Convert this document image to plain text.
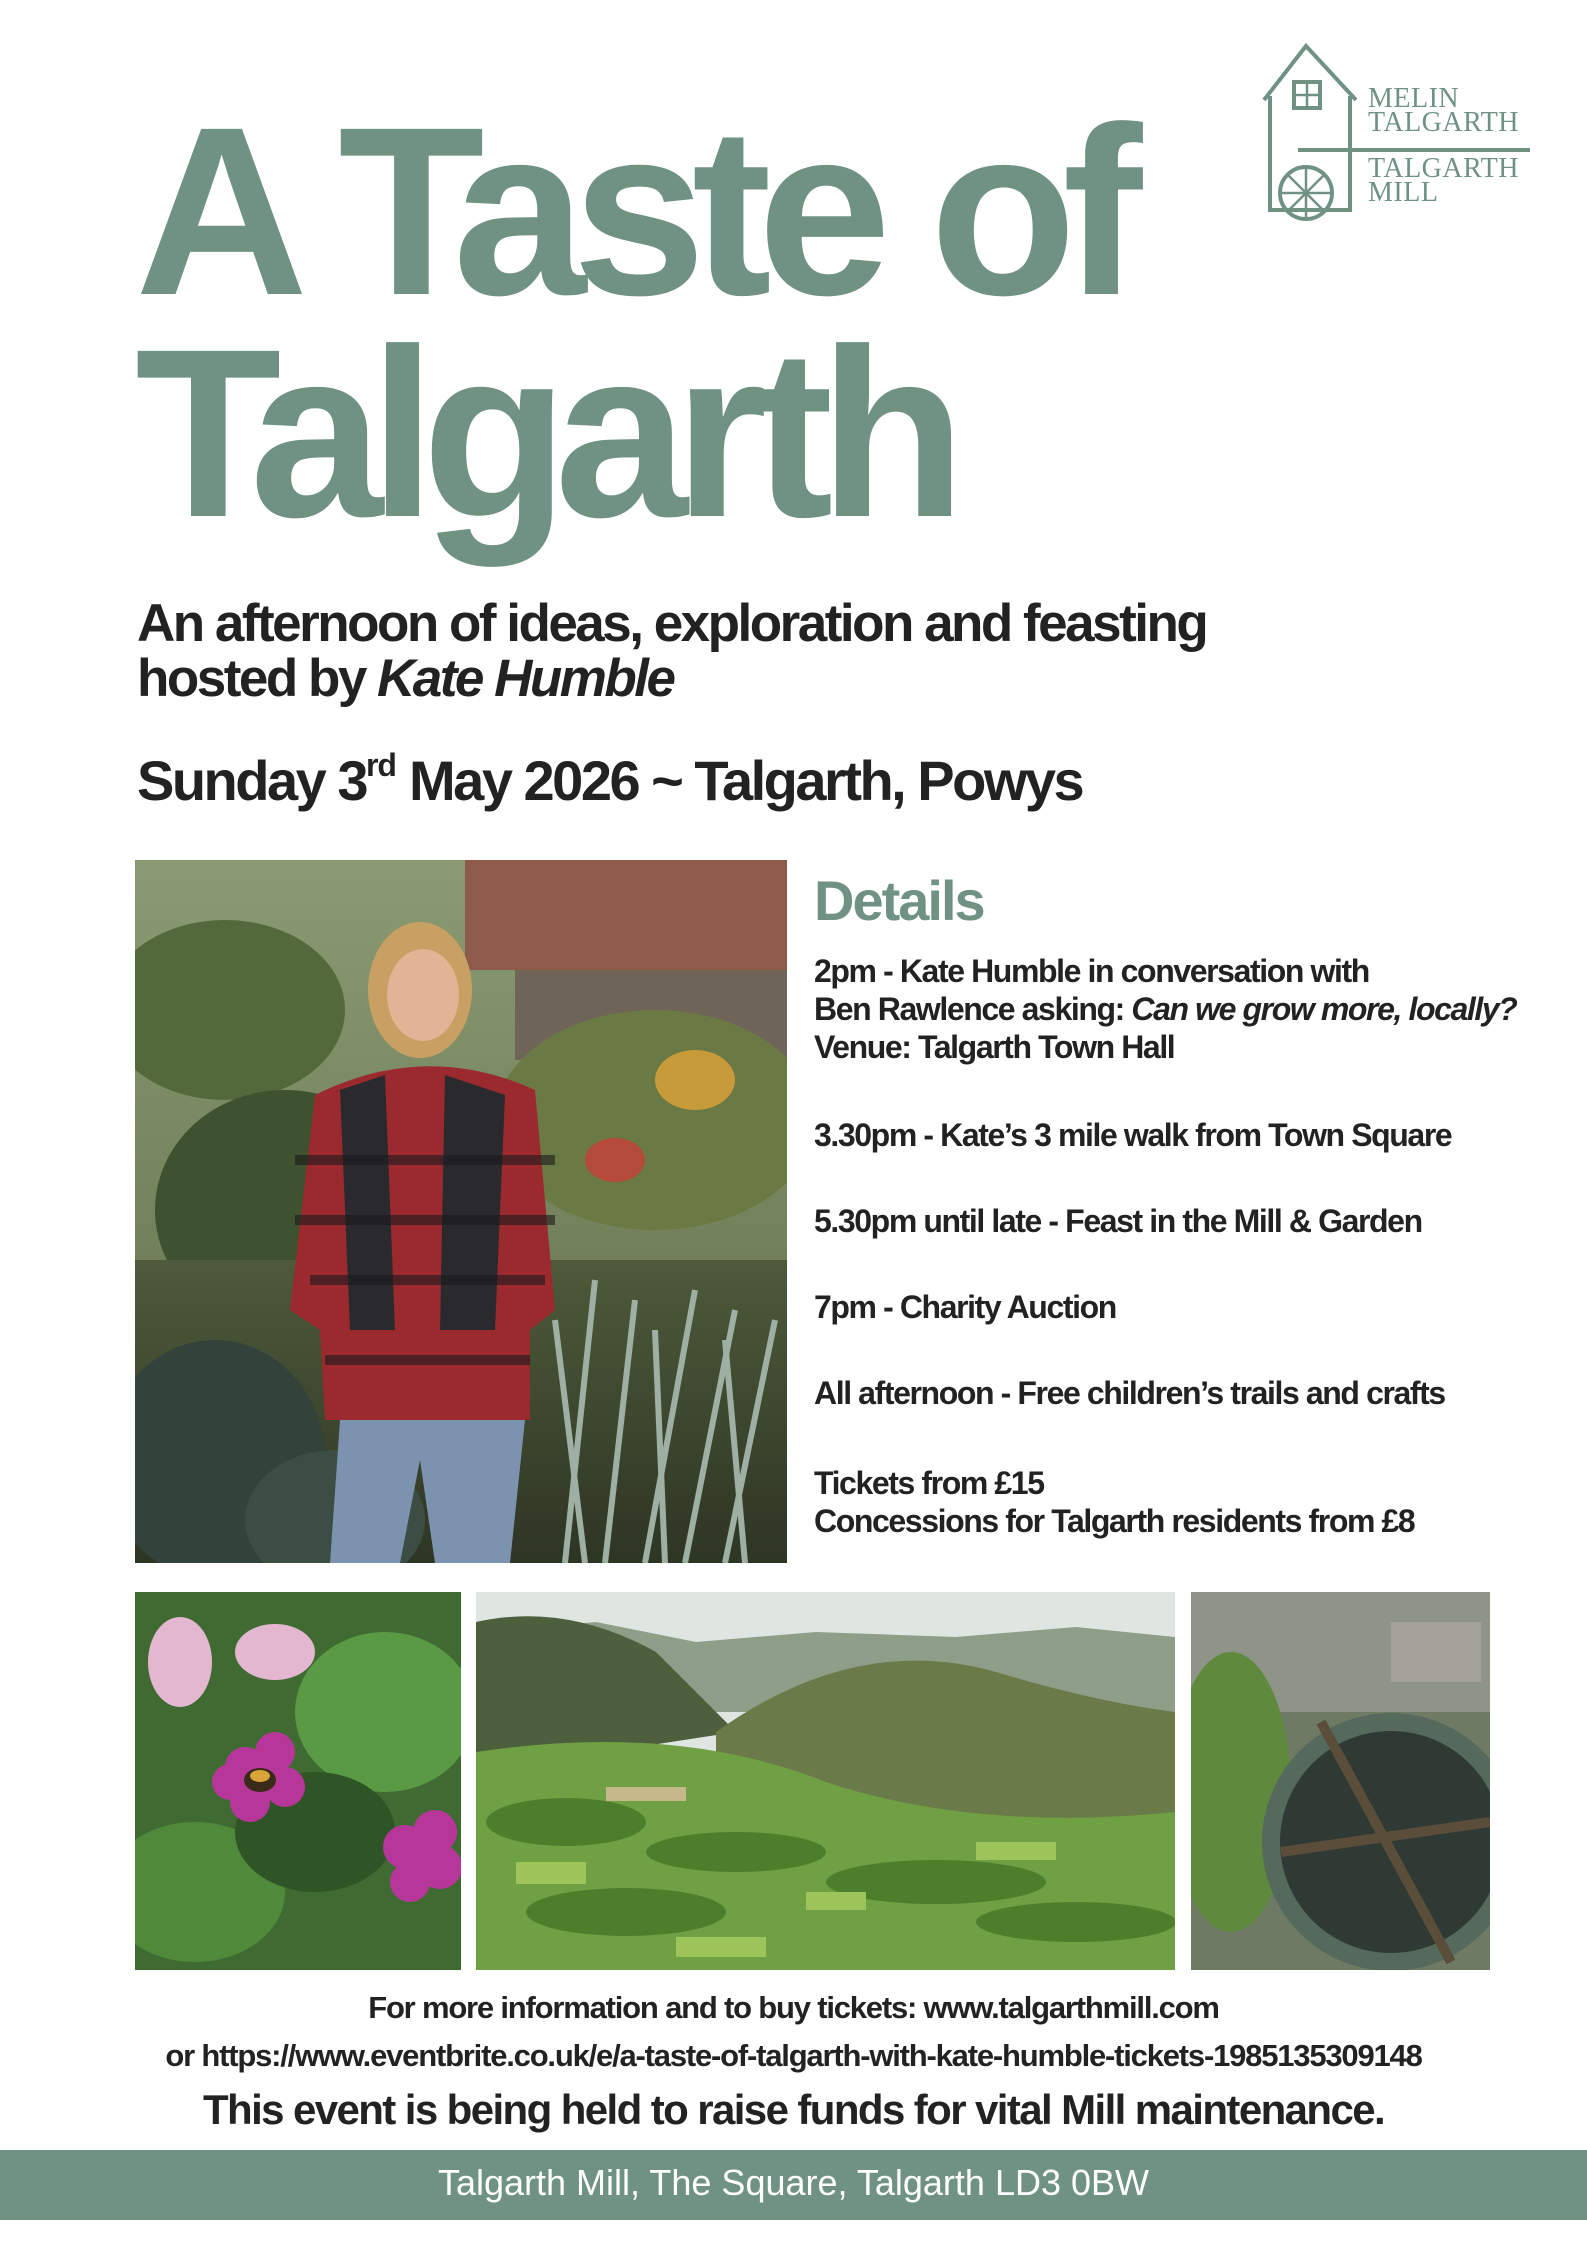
MELIN
TALGARTH
TALGARTH
MILL
A Taste of
Talgarth
An afternoon of ideas, exploration and feasting
hosted by Kate Humble
Sunday 3rd May 2026 ~ Talgarth, Powys
Details
2pm - Kate Humble in conversation with
Ben Rawlence asking: Can we grow more, locally?
Venue: Talgarth Town Hall
3.30pm - Kate’s 3 mile walk from Town Square
5.30pm until late - Feast in the Mill & Garden
7pm - Charity Auction
All afternoon - Free children’s trails and crafts
Tickets from £15
Concessions for Talgarth residents from £8
For more information and to buy tickets: www.talgarthmill.com
or https://www.eventbrite.co.uk/e/a-taste-of-talgarth-with-kate-humble-tickets-1985135309148
This event is being held to raise funds for vital Mill maintenance.
Talgarth Mill, The Square, Talgarth LD3 0BW
